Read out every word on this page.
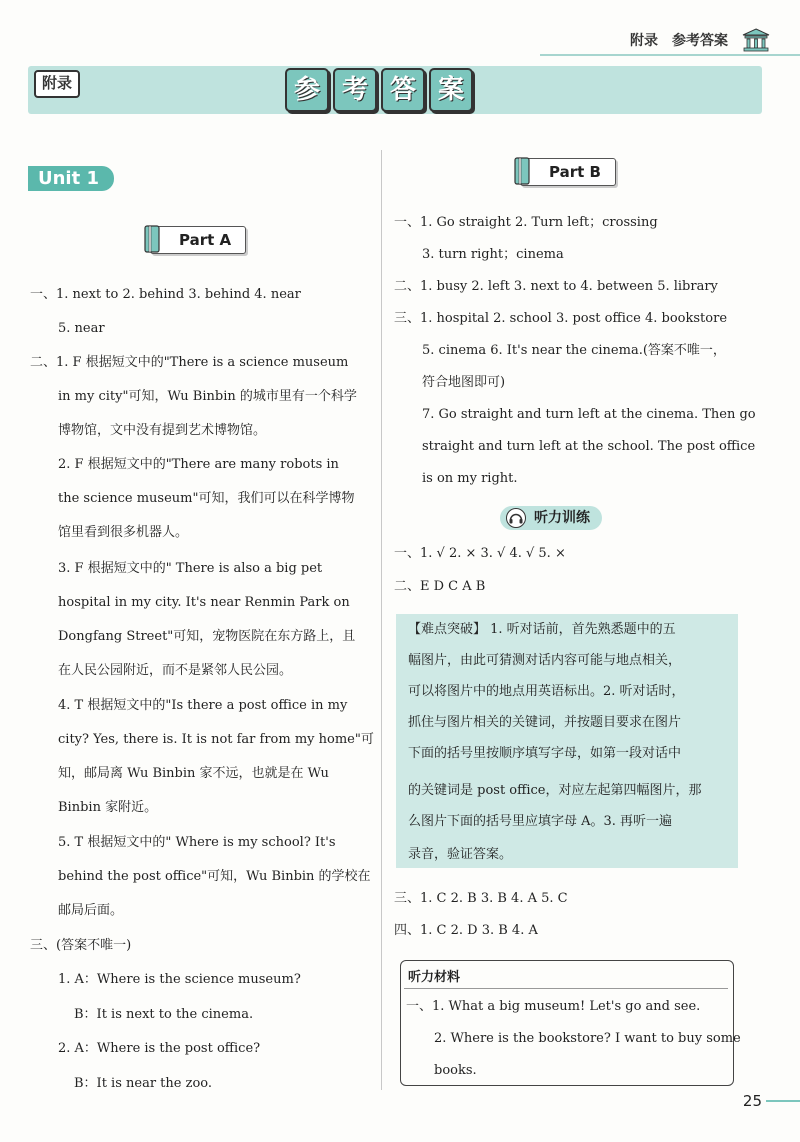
附录 参考答案
附录	参 考 答 案
Unit 1
Part A
一、1. next to 2. behind 3. behind 4. near
5. near
二、1. F 根据短文中的"There is a science museum
in my city"可知，Wu Binbin 的城市里有一个科学
博物馆，文中没有提到艺术博物馆。
2. F 根据短文中的"There are many robots in
the science museum"可知，我们可以在科学博物
馆里看到很多机器人。
3. F 根据短文中的" There is also a big pet
hospital in my city. It's near Renmin Park on
Dongfang Street"可知，宠物医院在东方路上，且
在人民公园附近，而不是紧邻人民公园。
4. T 根据短文中的"Is there a post office in my
city? Yes, there is. It is not far from my home"可
知，邮局离 Wu Binbin 家不远，也就是在 Wu
Binbin 家附近。
5. T 根据短文中的" Where is my school? It's
behind the post office"可知，Wu Binbin 的学校在
邮局后面。
三、(答案不唯一)
1. A：Where is the science museum?
B：It is next to the cinema.
2. A：Where is the post office?
B：It is near the zoo.
Part B
一、1. Go straight 2. Turn left；crossing
3. turn right；cinema
二、1. busy 2. left 3. next to 4. between 5. library
三、1. hospital 2. school 3. post office 4. bookstore
5. cinema 6. It's near the cinema.(答案不唯一，
符合地图即可)
7. Go straight and turn left at the cinema. Then go
straight and turn left at the school. The post office
is on my right.
听力训练
一、1. √ 2. × 3. √ 4. √ 5. ×
二、E D C A B
【难点突破】 1. 听对话前，首先熟悉题中的五
幅图片，由此可猜测对话内容可能与地点相关，
可以将图片中的地点用英语标出。2. 听对话时，
抓住与图片相关的关键词，并按题目要求在图片
下面的括号里按顺序填写字母，如第一段对话中
的关键词是 post office，对应左起第四幅图片，那
么图片下面的括号里应填字母 A。3. 再听一遍
录音，验证答案。
三、1. C 2. B 3. B 4. A 5. C
四、1. C 2. D 3. B 4. A
听力材料
一、1. What a big museum! Let's go and see.
2. Where is the bookstore? I want to buy some
books.
25
